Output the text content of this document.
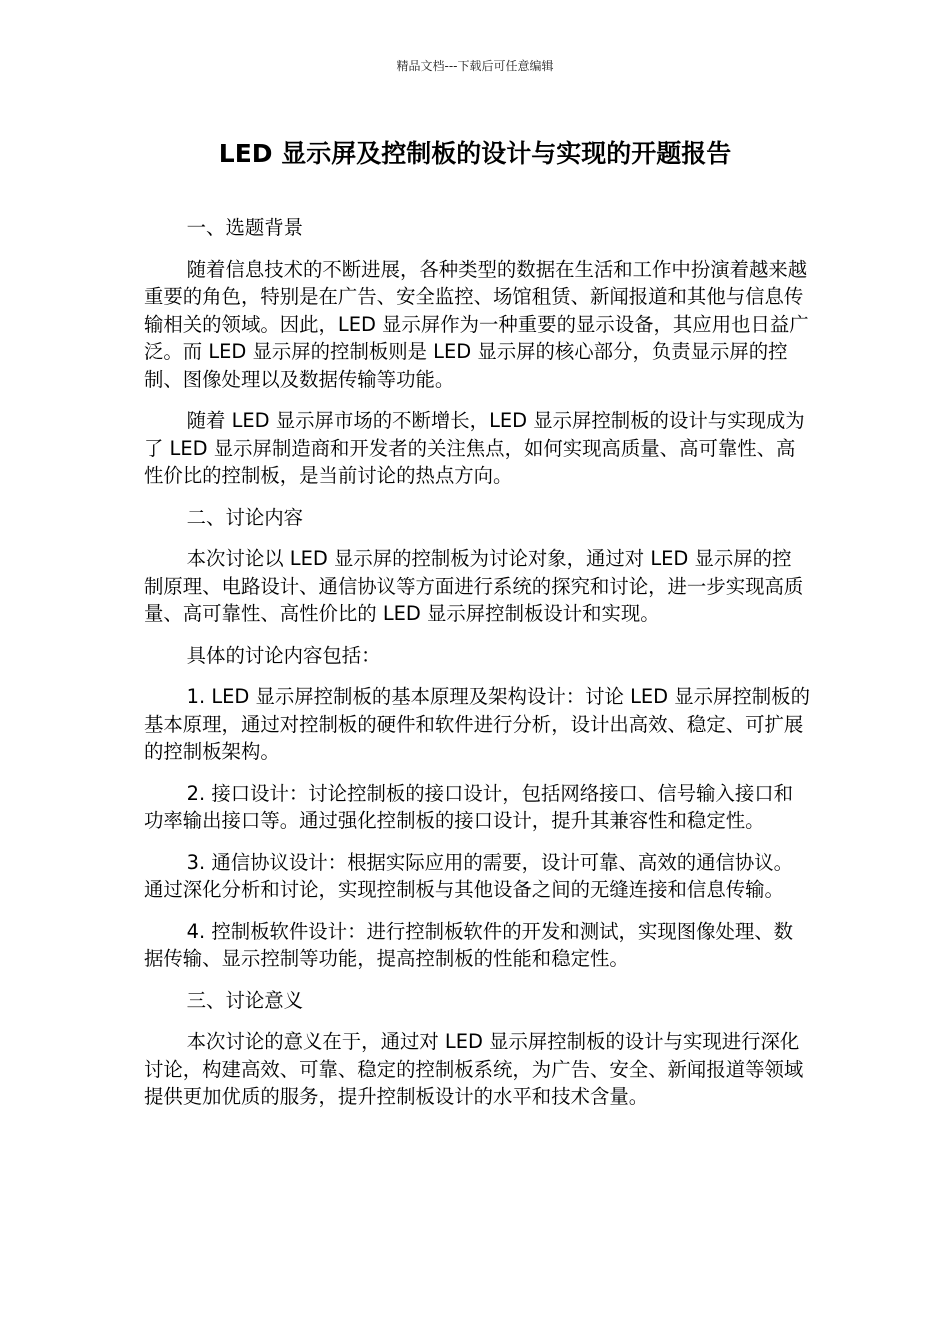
精品文档---下载后可任意编辑
LED 显示屏及控制板的设计与实现的开题报告

一、选题背景

随着信息技术的不断进展，各种类型的数据在生活和工作中扮演着越来越重要的角色，特别是在广告、安全监控、场馆租赁、新闻报道和其他与信息传输相关的领域。因此，LED 显示屏作为一种重要的显示设备，其应用也日益广泛。而 LED 显示屏的控制板则是 LED 显示屏的核心部分，负责显示屏的控制、图像处理以及数据传输等功能。

随着 LED 显示屏市场的不断增长，LED 显示屏控制板的设计与实现成为了 LED 显示屏制造商和开发者的关注焦点，如何实现高质量、高可靠性、高性价比的控制板，是当前讨论的热点方向。

二、讨论内容

本次讨论以 LED 显示屏的控制板为讨论对象，通过对 LED 显示屏的控制原理、电路设计、通信协议等方面进行系统的探究和讨论，进一步实现高质量、高可靠性、高性价比的 LED 显示屏控制板设计和实现。

具体的讨论内容包括：

1. LED 显示屏控制板的基本原理及架构设计：讨论 LED 显示屏控制板的基本原理，通过对控制板的硬件和软件进行分析，设计出高效、稳定、可扩展的控制板架构。

2. 接口设计：讨论控制板的接口设计，包括网络接口、信号输入接口和功率输出接口等。通过强化控制板的接口设计，提升其兼容性和稳定性。

3. 通信协议设计：根据实际应用的需要，设计可靠、高效的通信协议。通过深化分析和讨论，实现控制板与其他设备之间的无缝连接和信息传输。

4. 控制板软件设计：进行控制板软件的开发和测试，实现图像处理、数据传输、显示控制等功能，提高控制板的性能和稳定性。

三、讨论意义

本次讨论的意义在于，通过对 LED 显示屏控制板的设计与实现进行深化讨论，构建高效、可靠、稳定的控制板系统，为广告、安全、新闻报道等领域提供更加优质的服务，提升控制板设计的水平和技术含量。
